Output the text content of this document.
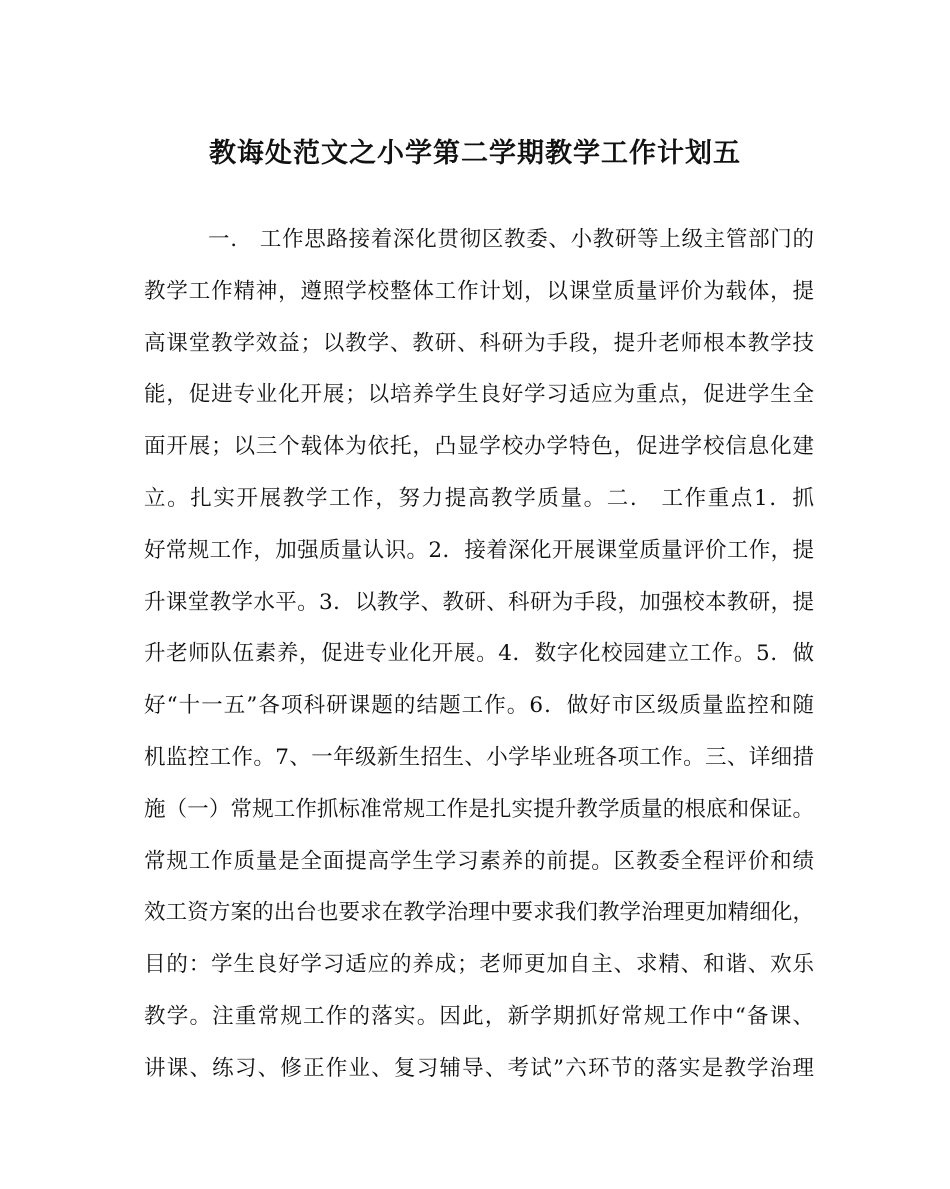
教诲处范文之小学第二学期教学工作计划五
一.　工作思路接着深化贯彻区教委、小教研等上级主管部门的
教学工作精神，遵照学校整体工作计划，以课堂质量评价为载体，提
高课堂教学效益；以教学、教研、科研为手段，提升老师根本教学技
能，促进专业化开展；以培养学生良好学习适应为重点，促进学生全
面开展；以三个载体为依托，凸显学校办学特色，促进学校信息化建
立。扎实开展教学工作，努力提高教学质量。二.　工作重点1．抓
好常规工作，加强质量认识。2．接着深化开展课堂质量评价工作，提
升课堂教学水平。3．以教学、教研、科研为手段，加强校本教研，提
升老师队伍素养，促进专业化开展。4．数字化校园建立工作。5．做
好“十一五”各项科研课题的结题工作。6．做好市区级质量监控和随
机监控工作。7、一年级新生招生、小学毕业班各项工作。三、详细措
施（一）常规工作抓标准常规工作是扎实提升教学质量的根底和保证。
常规工作质量是全面提高学生学习素养的前提。区教委全程评价和绩
效工资方案的出台也要求在教学治理中要求我们教学治理更加精细化，
目的：学生良好学习适应的养成；老师更加自主、求精、和谐、欢乐
教学。注重常规工作的落实。因此，新学期抓好常规工作中“备课、
讲课、练习、修正作业、复习辅导、考试”六环节的落实是教学治理
